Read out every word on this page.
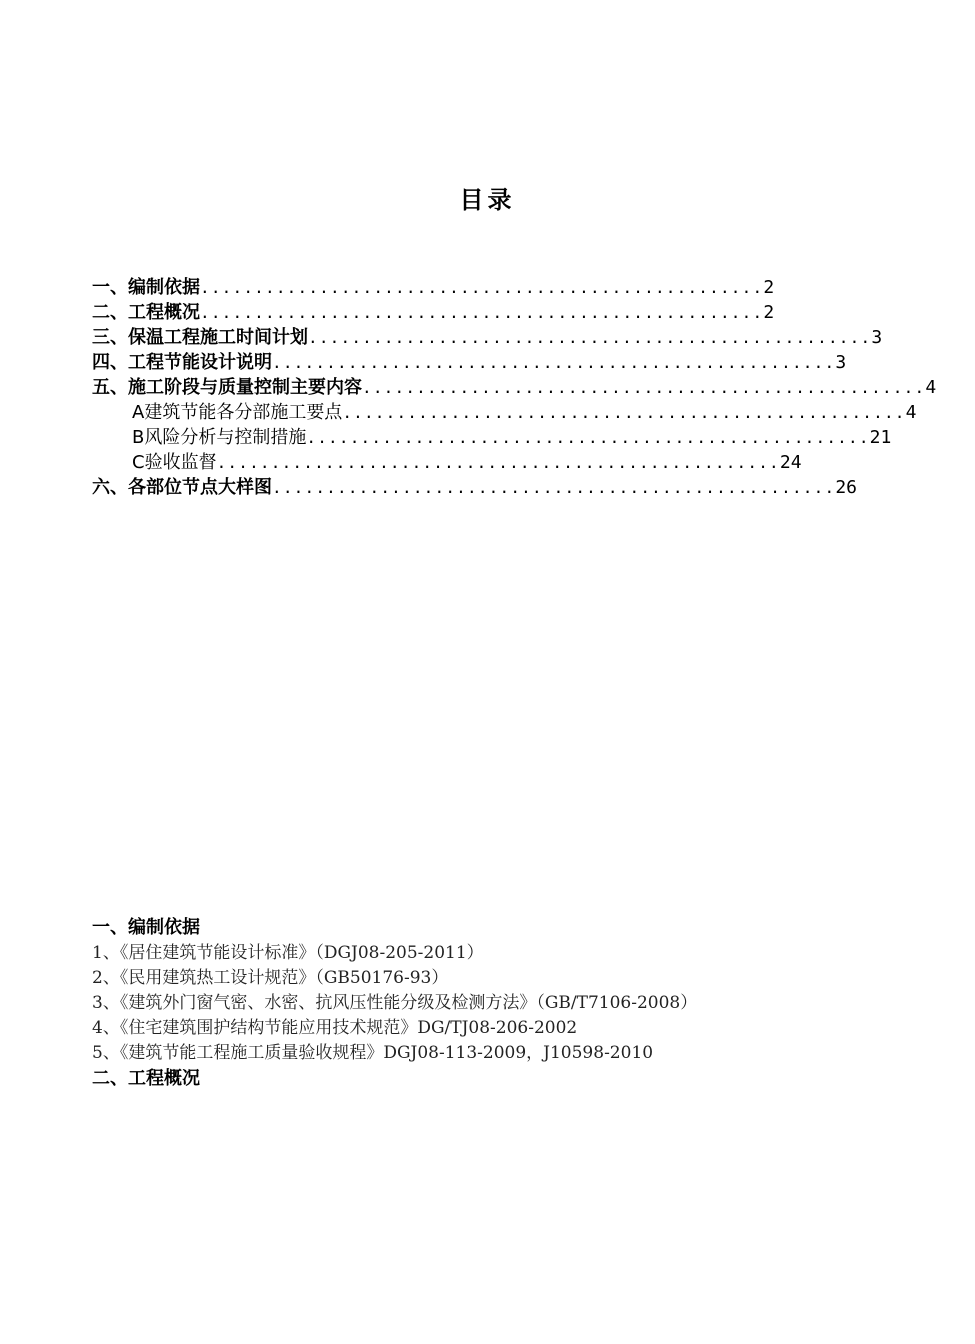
目录
一、 编制依据 .................................................... 2
二、 工程概况 .................................................... 2
三、 保温工程施工时间计划 .................................................... 3
四、 工程节能设计说明 .................................................... 3
五、 施工阶段与质量控制主要内容 .................................................... 4
A建筑节能各分部施工要点 .................................................... 4
B风险分析与控制措施 .................................................... 21
C验收监督 .................................................... 24
六、 各部位节点大样图 .................................................... 26
一、编制依据
1、《居住建筑节能设计标准》（DGJ08-205-2011）
2、《民用建筑热工设计规范》（GB50176-93）
3、《建筑外门窗气密、水密、抗风压性能分级及检测方法》（GB/T7106-2008）
4、《住宅建筑围护结构节能应用技术规范》DG/TJ08-206-2002
5、《建筑节能工程施工质量验收规程》DGJ08-113-2009，J10598-2010
二、工程概况
